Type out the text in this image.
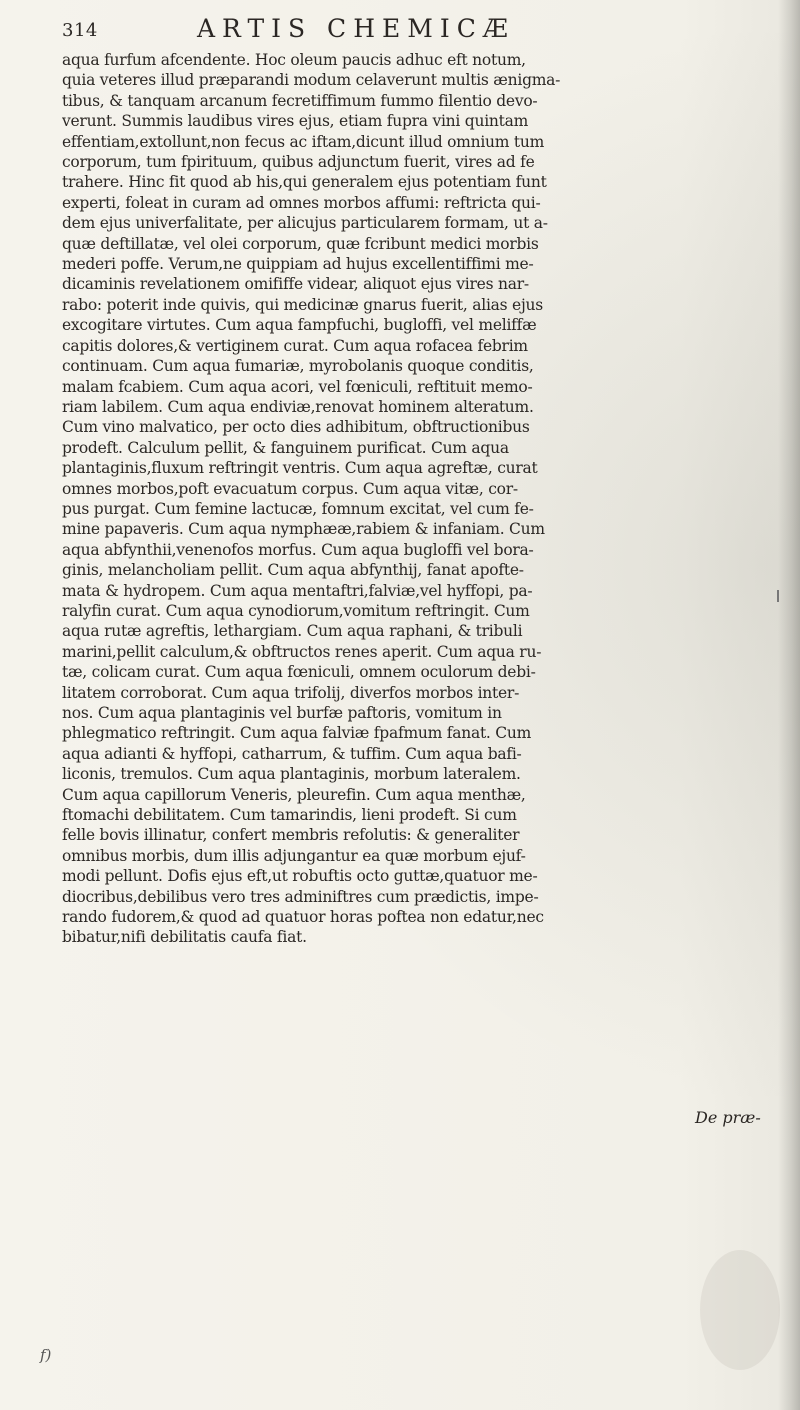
314	ARTIS CHEMICÆ
aqua furfum afcendente. Hoc oleum paucis adhuc eft notum,
quia veteres illud præparandi modum celaverunt multis ænigma-
tibus, & tanquam arcanum fecretiffimum fummo filentio devo-
verunt. Summis laudibus vires ejus, etiam fupra vini quintam
effentiam,extollunt,non fecus ac iftam,dicunt illud omnium tum
corporum, tum fpirituum, quibus adjunctum fuerit, vires ad fe
trahere. Hinc fit quod ab his,qui generalem ejus potentiam funt
experti, foleat in curam ad omnes morbos affumi: reftricta qui-
dem ejus univerfalitate, per alicujus particularem formam, ut a-
quæ deftillatæ, vel olei corporum, quæ fcribunt medici morbis
mederi poffe. Verum,ne quippiam ad hujus excellentiffimi me-
dicaminis revelationem omififfe videar, aliquot ejus vires nar-
rabo: poterit inde quivis, qui medicinæ gnarus fuerit, alias ejus
excogitare virtutes. Cum aqua fampfuchi, bugloffi, vel meliffæ
capitis dolores,& vertiginem curat. Cum aqua rofacea febrim
continuam. Cum aqua fumariæ, myrobolanis quoque conditis,
malam fcabiem. Cum aqua acori, vel fœniculi, reftituit memo-
riam labilem. Cum aqua endiviæ,renovat hominem alteratum.
Cum vino malvatico, per octo dies adhibitum, obftructionibus
prodeft. Calculum pellit, & fanguinem purificat. Cum aqua
plantaginis,fluxum reftringit ventris. Cum aqua agreftæ, curat
omnes morbos,poft evacuatum corpus. Cum aqua vitæ, cor-
pus purgat. Cum femine lactucæ, fomnum excitat, vel cum fe-
mine papaveris. Cum aqua nymphææ,rabiem & infaniam. Cum
aqua abfynthii,venenofos morfus. Cum aqua bugloffi vel bora-
ginis, melancholiam pellit. Cum aqua abfynthij, fanat apofte-
mata & hydropem. Cum aqua mentaftri,falviæ,vel hyffopi, pa-
ralyfin curat. Cum aqua cynodiorum,vomitum reftringit. Cum
aqua rutæ agreftis, lethargiam. Cum aqua raphani, & tribuli
marini,pellit calculum,& obftructos renes aperit. Cum aqua ru-
tæ, colicam curat. Cum aqua fœniculi, omnem oculorum debi-
litatem corroborat. Cum aqua trifolij, diverfos morbos inter-
nos. Cum aqua plantaginis vel burfæ paftoris, vomitum in
phlegmatico reftringit. Cum aqua falviæ fpafmum fanat. Cum
aqua adianti & hyffopi, catharrum, & tuffim. Cum aqua bafi-
liconis, tremulos. Cum aqua plantaginis, morbum lateralem.
Cum aqua capillorum Veneris, pleurefin. Cum aqua menthæ,
ftomachi debilitatem. Cum tamarindis, lieni prodeft. Si cum
felle bovis illinatur, confert membris refolutis: & generaliter
omnibus morbis, dum illis adjungantur ea quæ morbum ejuf-
modi pellunt. Dofis ejus eft,ut robuftis octo guttæ,quatuor me-
diocribus,debilibus vero tres adminiftres cum prædictis, impe-
rando fudorem,& quod ad quatuor horas poftea non edatur,nec
bibatur,nifi debilitatis caufa fiat.
De præ-
f)
